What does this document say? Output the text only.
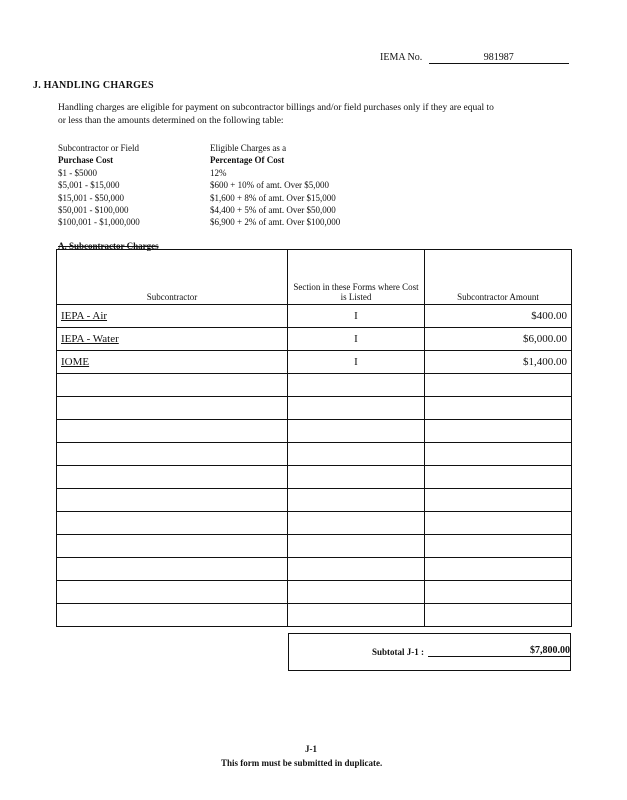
IEMA No.	981987
J. HANDLING CHARGES
Handling charges are eligible for payment on subcontractor billings and/or field purchases only if they are equal to or less than the amounts determined on the following table:
Subcontractor or Field	Eligible Charges as a
Purchase Cost	Percentage Of Cost
$1 - $5000	12%
$5,001 - $15,000	$600 + 10% of amt. Over $5,000
$15,001 - $50,000	$1,600 + 8% of amt. Over $15,000
$50,001 - $100,000	$4,400 + 5% of amt. Over $50,000
$100,001 - $1,000,000	$6,900 + 2% of amt. Over $100,000
A. Subcontractor Charges
Subcontractor	Section in these Forms where Cost is Listed	Subcontractor Amount
IEPA - Air	I	$400.00
IEPA - Water	I	$6,000.00
IOME	I	$1,400.00

Subtotal J-1 :	$7,800.00
J-1
This form must be submitted in duplicate.
